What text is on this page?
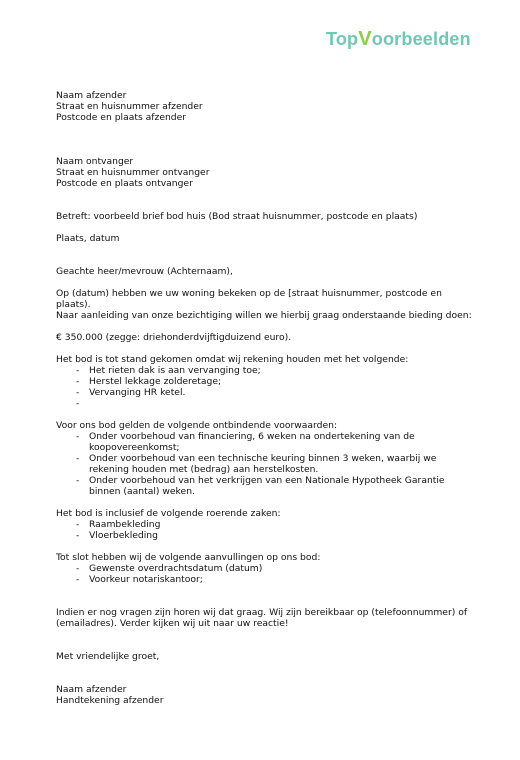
TopVoorbeelden

Naam afzender

Straat en huisnummer afzender

Postcode en plaats afzender

Naam ontvanger

Straat en huisnummer ontvanger

Postcode en plaats ontvanger

Betreft: voorbeeld brief bod huis (Bod straat huisnummer, postcode en plaats)

Plaats, datum

Geachte heer/mevrouw (Achternaam),

Op (datum) hebben we uw woning bekeken op de [straat huisnummer, postcode en plaats).

Naar aanleiding van onze bezichtiging willen we hierbij graag onderstaande bieding doen:

€ 350.000 (zegge: driehonderdvijftigduizend euro).

Het bod is tot stand gekomen omdat wij rekening houden met het volgende:

- Het rieten dak is aan vervanging toe;
- Herstel lekkage zolderetage;
- Vervanging HR ketel.
-

Voor ons bod gelden de volgende ontbindende voorwaarden:

- Onder voorbehoud van financiering, 6 weken na ondertekening van de koopovereenkomst;
- Onder voorbehoud van een technische keuring binnen 3 weken, waarbij we rekening houden met (bedrag) aan herstelkosten.
- Onder voorbehoud van het verkrijgen van een Nationale Hypotheek Garantie binnen (aantal) weken.

Het bod is inclusief de volgende roerende zaken:

- Raambekleding
- Vloerbekleding

Tot slot hebben wij de volgende aanvullingen op ons bod:

- Gewenste overdrachtsdatum (datum)
- Voorkeur notariskantoor;

Indien er nog vragen zijn horen wij dat graag. Wij zijn bereikbaar op (telefoonnummer) of

(emailadres). Verder kijken wij uit naar uw reactie!

Met vriendelijke groet,

Naam afzender

Handtekening afzender
